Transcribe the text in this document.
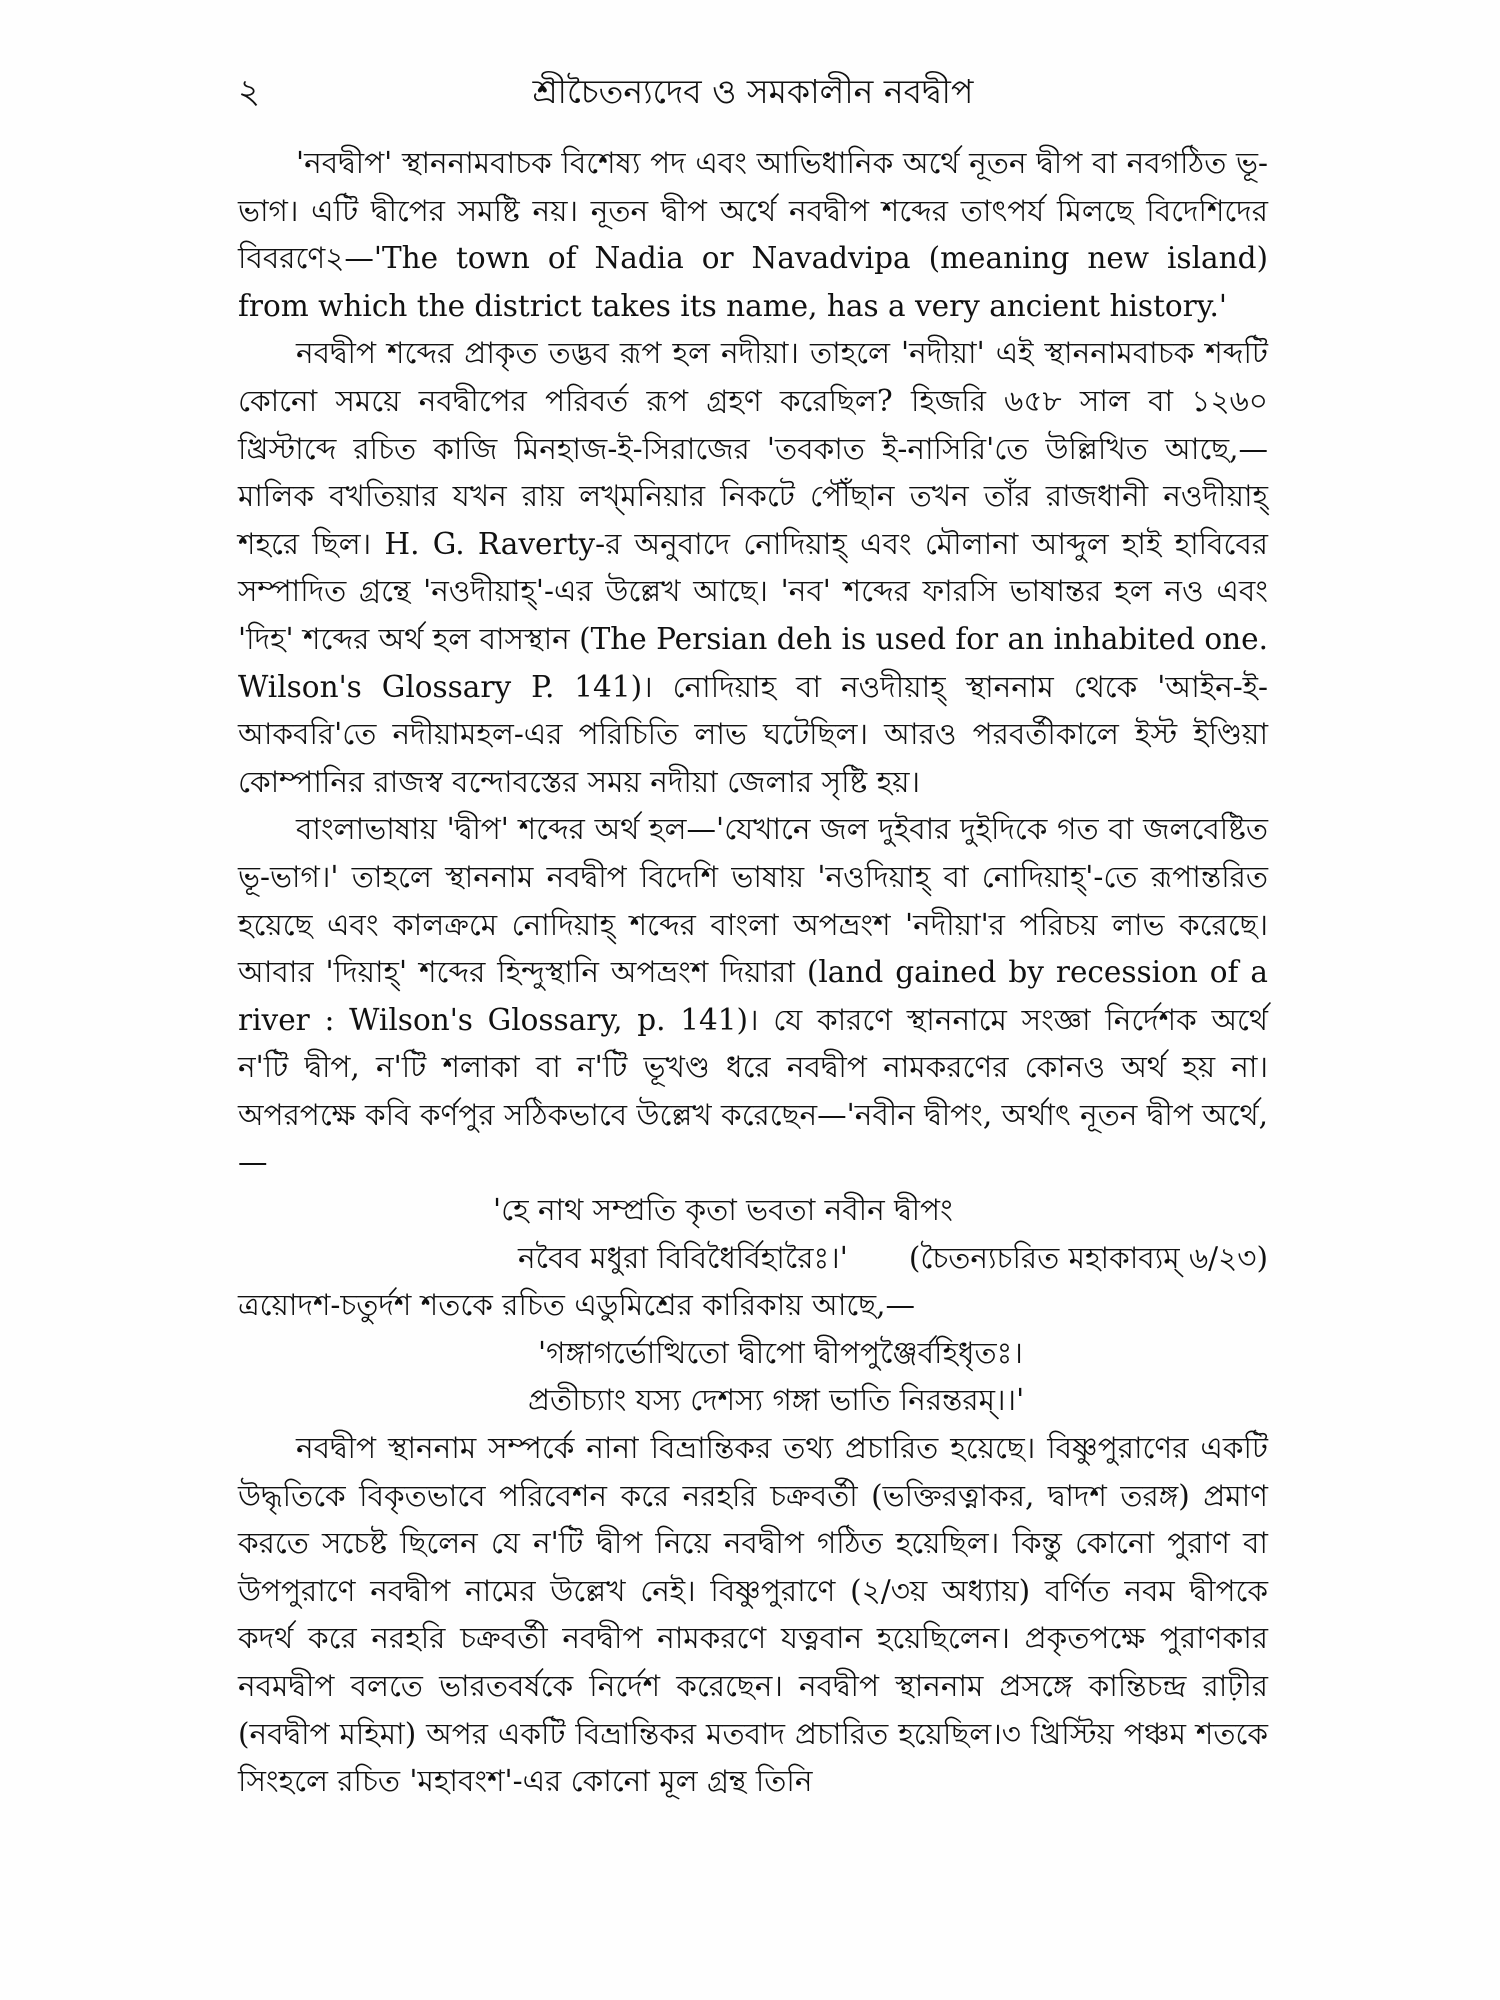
২	শ্রীচৈতন্যদেব ও সমকালীন নবদ্বীপ

'নবদ্বীপ' স্থাননামবাচক বিশেষ্য পদ এবং আভিধানিক অর্থে নূতন দ্বীপ বা নবগঠিত ভূ-ভাগ। এটি দ্বীপের সমষ্টি নয়। নূতন দ্বীপ অর্থে নবদ্বীপ শব্দের তাৎপর্য মিলছে বিদেশিদের বিবরণে২—'The town of Nadia or Navadvipa (meaning new island) from which the district takes its name, has a very ancient history.'

নবদ্বীপ শব্দের প্রাকৃত তদ্ভব রূপ হল নদীয়া। তাহলে 'নদীয়া' এই স্থাননামবাচক শব্দটি কোনো সময়ে নবদ্বীপের পরিবর্ত রূপ গ্রহণ করেছিল? হিজরি ৬৫৮ সাল বা ১২৬০ খ্রিস্টাব্দে রচিত কাজি মিনহাজ-ই-সিরাজের 'তবকাত ই-নাসিরি'তে উল্লিখিত আছে,—মালিক বখতিয়ার যখন রায় লখ্‌মনিয়ার নিকটে পৌঁছান তখন তাঁর রাজধানী নওদীয়াহ্‌ শহরে ছিল। H. G. Raverty-র অনুবাদে নোদিয়াহ্‌ এবং মৌলানা আব্দুল হাই হাবিবের সম্পাদিত গ্রন্থে 'নওদীয়াহ্‌'-এর উল্লেখ আছে। 'নব' শব্দের ফারসি ভাষান্তর হল নও এবং 'দিহ' শব্দের অর্থ হল বাসস্থান (The Persian deh is used for an inhabited one. Wilson's Glossary P. 141)। নোদিয়াহ বা নওদীয়াহ্‌ স্থাননাম থেকে 'আইন-ই-আকবরি'তে নদীয়ামহল-এর পরিচিতি লাভ ঘটেছিল। আরও পরবর্তীকালে ইস্ট ইণ্ডিয়া কোম্পানির রাজস্ব বন্দোবস্তের সময় নদীয়া জেলার সৃষ্টি হয়।

বাংলাভাষায় 'দ্বীপ' শব্দের অর্থ হল—'যেখানে জল দুইবার দুইদিকে গত বা জলবেষ্টিত ভূ-ভাগ।' তাহলে স্থাননাম নবদ্বীপ বিদেশি ভাষায় 'নওদিয়াহ্‌ বা নোদিয়াহ্‌'-তে রূপান্তরিত হয়েছে এবং কালক্রমে নোদিয়াহ্‌ শব্দের বাংলা অপভ্রংশ 'নদীয়া'র পরিচয় লাভ করেছে। আবার 'দিয়াহ্‌' শব্দের হিন্দুস্থানি অপভ্রংশ দিয়ারা (land gained by recession of a river : Wilson's Glossary, p. 141)। যে কারণে স্থাননামে সংজ্ঞা নির্দেশক অর্থে ন'টি দ্বীপ, ন'টি শলাকা বা ন'টি ভূখণ্ড ধরে নবদ্বীপ নামকরণের কোনও অর্থ হয় না। অপরপক্ষে কবি কর্ণপুর সঠিকভাবে উল্লেখ করেছেন—'নবীন দ্বীপং, অর্থাৎ নূতন দ্বীপ অর্থে,—

'হে নাথ সম্প্রতি কৃতা ভবতা নবীন দ্বীপং
নবৈব মধুরা বিবিধৈর্বিহারৈঃ।' (চৈতন্যচরিত মহাকাব্যম্ ৬/২৩)

ত্রয়োদশ-চতুর্দশ শতকে রচিত এডুমিশ্রের কারিকায় আছে,—

'গঙ্গাগর্ভোত্থিতো দ্বীপো দ্বীপপুঞ্জৈর্বহিধৃতঃ।
প্রতীচ্যাং যস্য দেশস্য গঙ্গা ভাতি নিরন্তরম্‌।।'

নবদ্বীপ স্থাননাম সম্পর্কে নানা বিভ্রান্তিকর তথ্য প্রচারিত হয়েছে। বিষ্ণুপুরাণের একটি উদ্ধৃতিকে বিকৃতভাবে পরিবেশন করে নরহরি চক্রবর্তী (ভক্তিরত্নাকর, দ্বাদশ তরঙ্গ) প্রমাণ করতে সচেষ্ট ছিলেন যে ন'টি দ্বীপ নিয়ে নবদ্বীপ গঠিত হয়েছিল। কিন্তু কোনো পুরাণ বা উপপুরাণে নবদ্বীপ নামের উল্লেখ নেই। বিষ্ণুপুরাণে (২/৩য় অধ্যায়) বর্ণিত নবম দ্বীপকে কদর্থ করে নরহরি চক্রবর্তী নবদ্বীপ নামকরণে যত্নবান হয়েছিলেন। প্রকৃতপক্ষে পুরাণকার নবমদ্বীপ বলতে ভারতবর্ষকে নির্দেশ করেছেন। নবদ্বীপ স্থাননাম প্রসঙ্গে কান্তিচন্দ্র রাঢ়ীর (নবদ্বীপ মহিমা) অপর একটি বিভ্রান্তিকর মতবাদ প্রচারিত হয়েছিল।৩ খ্রিস্টিয় পঞ্চম শতকে সিংহলে রচিত 'মহাবংশ'-এর কোনো মূল গ্রন্থ তিনি
